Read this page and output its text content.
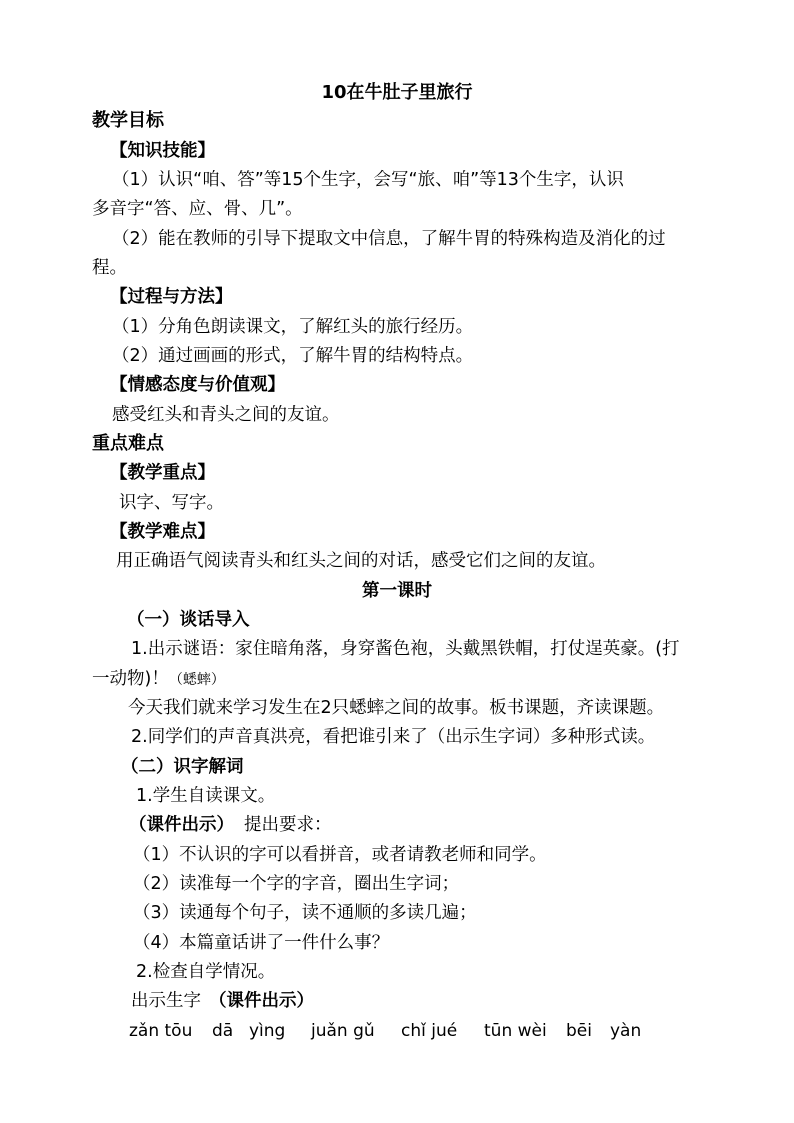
10在牛肚子里旅行
教学目标
【知识技能】
（1）认识“咱、答”等15个生字，会写“旅、咱”等13个生字，认识
多音字“答、应、骨、几”。
（2）能在教师的引导下提取文中信息，了解牛胃的特殊构造及消化的过
程。
【过程与方法】
（1）分角色朗读课文，了解红头的旅行经历。
（2）通过画画的形式，了解牛胃的结构特点。
【情感态度与价值观】
感受红头和青头之间的友谊。
重点难点
【教学重点】
识字、写字。
【教学难点】
用正确语气阅读青头和红头之间的对话，感受它们之间的友谊。
第一课时
（一）谈话导入
1.出示谜语：家住暗角落，身穿酱色袍，头戴黑铁帽，打仗逞英豪。(打
一动物)！（蟋蟀）
今天我们就来学习发生在2只蟋蟀之间的故事。板书课题，齐读课题。
2.同学们的声音真洪亮，看把谁引来了（出示生字词）多种形式读。
（二）识字解词
1.学生自读课文。
（课件出示） 提出要求：
（1）不认识的字可以看拼音，或者请教老师和同学。
（2）读准每一个字的字音，圈出生字词；
（3）读通每个句子，读不通顺的多读几遍；
（4）本篇童话讲了一件什么事？
2.检查自学情况。
出示生字 （课件出示）
zǎn tōu dā yìng juǎn gǔ chǐ jué tūn wèi bēi yàn
